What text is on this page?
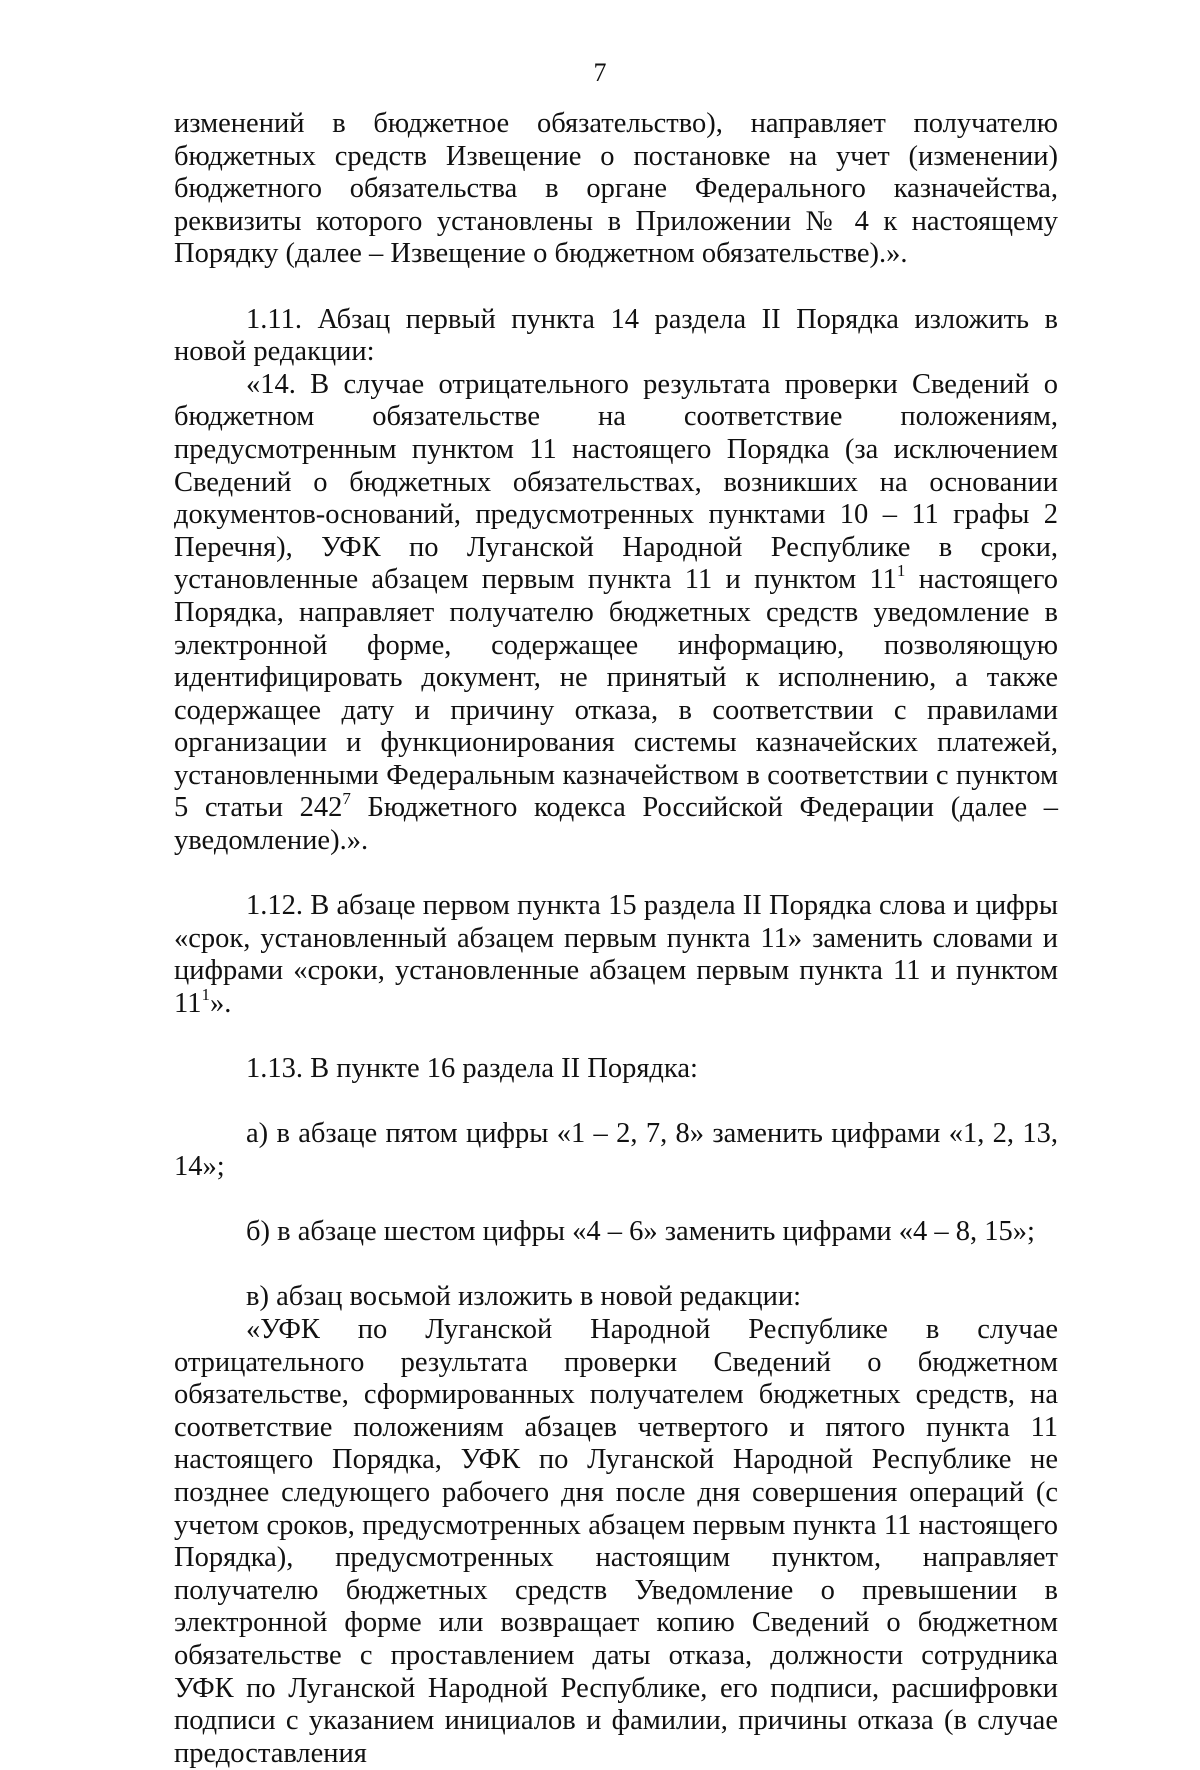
7

изменений в бюджетное обязательство), направляет получателю бюджетных средств Извещение о постановке на учет (изменении) бюджетного обязательства в органе Федерального казначейства, реквизиты которого установлены в Приложении № 4 к настоящему Порядку (далее – Извещение о бюджетном обязательстве).».

1.11. Абзац первый пункта 14 раздела II Порядка изложить в новой редакции:

«14. В случае отрицательного результата проверки Сведений о бюджетном обязательстве на соответствие положениям, предусмотренным пунктом 11 настоящего Порядка (за исключением Сведений о бюджетных обязательствах, возникших на основании документов-оснований, предусмотренных пунктами 10 – 11 графы 2 Перечня), УФК по Луганской Народной Республике в сроки, установленные абзацем первым пункта 11 и пунктом $11^1$ настоящего Порядка, направляет получателю бюджетных средств уведомление в электронной форме, содержащее информацию, позволяющую идентифицировать документ, не принятый к исполнению, а также содержащее дату и причину отказа, в соответствии с правилами организации и функционирования системы казначейских платежей, установленными Федеральным казначейством в соответствии с пунктом 5 статьи $242^7$ Бюджетного кодекса Российской Федерации (далее – уведомление).».

1.12. В абзаце первом пункта 15 раздела II Порядка слова и цифры «срок, установленный абзацем первым пункта 11» заменить словами и цифрами «сроки, установленные абзацем первым пункта 11 и пунктом $11^1$».

1.13. В пункте 16 раздела II Порядка:

а) в абзаце пятом цифры «1 – 2, 7, 8» заменить цифрами «1, 2, 13, 14»;

б) в абзаце шестом цифры «4 – 6» заменить цифрами «4 – 8, 15»;

в) абзац восьмой изложить в новой редакции:

«УФК по Луганской Народной Республике в случае отрицательного результата проверки Сведений о бюджетном обязательстве, сформированных получателем бюджетных средств, на соответствие положениям абзацев четвертого и пятого пункта 11 настоящего Порядка, УФК по Луганской Народной Республике не позднее следующего рабочего дня после дня совершения операций (с учетом сроков, предусмотренных абзацем первым пункта 11 настоящего Порядка), предусмотренных настоящим пунктом, направляет получателю бюджетных средств Уведомление о превышении в электронной форме или возвращает копию Сведений о бюджетном обязательстве с проставлением даты отказа, должности сотрудника УФК по Луганской Народной Республике, его подписи, расшифровки подписи с указанием инициалов и фамилии, причины отказа (в случае предоставления
